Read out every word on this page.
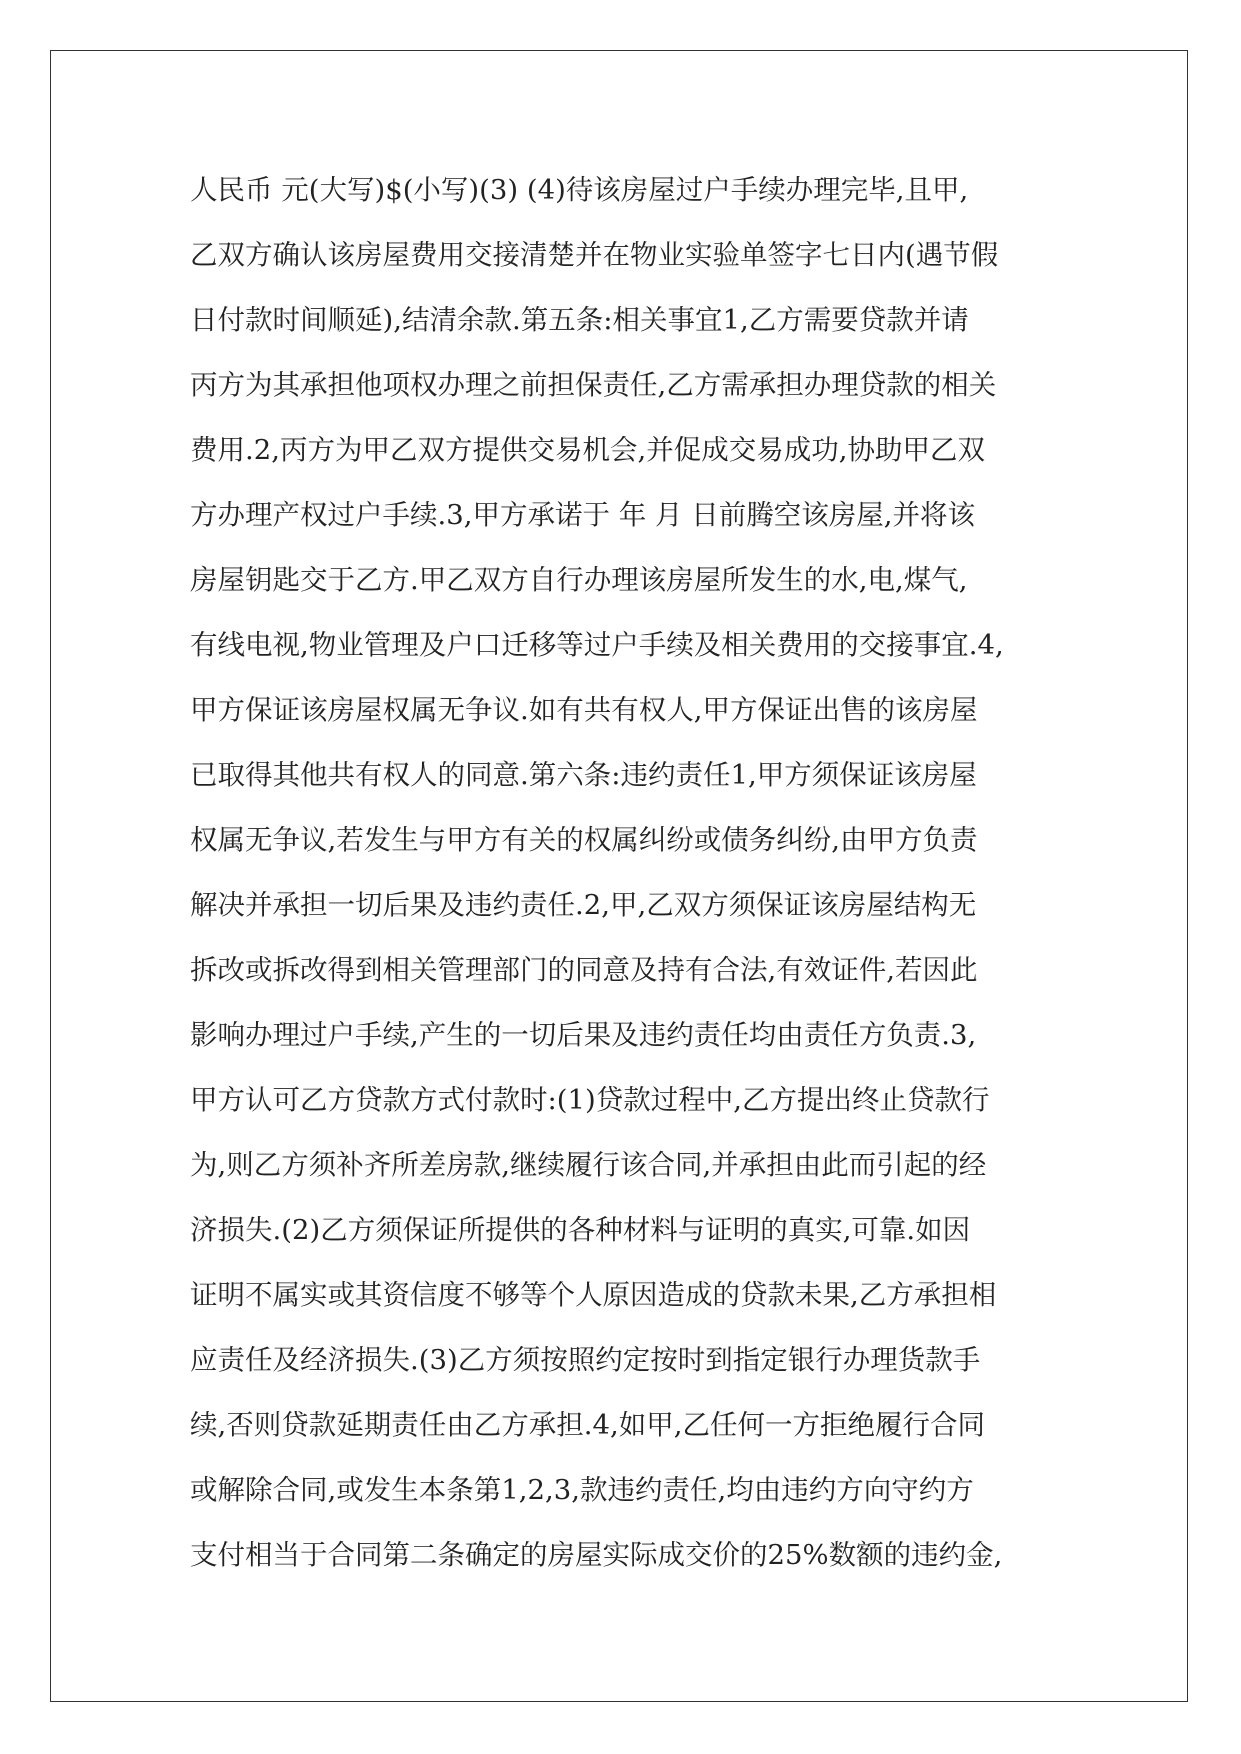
人民币 元(大写)$(小写)(3) (4)待该房屋过户手续办理完毕,且甲,
乙双方确认该房屋费用交接清楚并在物业实验单签字七日内(遇节假
日付款时间顺延),结清余款.第五条:相关事宜1,乙方需要贷款并请
丙方为其承担他项权办理之前担保责任,乙方需承担办理贷款的相关
费用.2,丙方为甲乙双方提供交易机会,并促成交易成功,协助甲乙双
方办理产权过户手续.3,甲方承诺于 年 月 日前腾空该房屋,并将该
房屋钥匙交于乙方.甲乙双方自行办理该房屋所发生的水,电,煤气,
有线电视,物业管理及户口迁移等过户手续及相关费用的交接事宜.4,
甲方保证该房屋权属无争议.如有共有权人,甲方保证出售的该房屋
已取得其他共有权人的同意.第六条:违约责任1,甲方须保证该房屋
权属无争议,若发生与甲方有关的权属纠纷或债务纠纷,由甲方负责
解决并承担一切后果及违约责任.2,甲,乙双方须保证该房屋结构无
拆改或拆改得到相关管理部门的同意及持有合法,有效证件,若因此
影响办理过户手续,产生的一切后果及违约责任均由责任方负责.3,
甲方认可乙方贷款方式付款时:(1)贷款过程中,乙方提出终止贷款行
为,则乙方须补齐所差房款,继续履行该合同,并承担由此而引起的经
济损失.(2)乙方须保证所提供的各种材料与证明的真实,可靠.如因
证明不属实或其资信度不够等个人原因造成的贷款未果,乙方承担相
应责任及经济损失.(3)乙方须按照约定按时到指定银行办理货款手
续,否则贷款延期责任由乙方承担.4,如甲,乙任何一方拒绝履行合同
或解除合同,或发生本条第1,2,3,款违约责任,均由违约方向守约方
支付相当于合同第二条确定的房屋实际成交价的25%数额的违约金,
